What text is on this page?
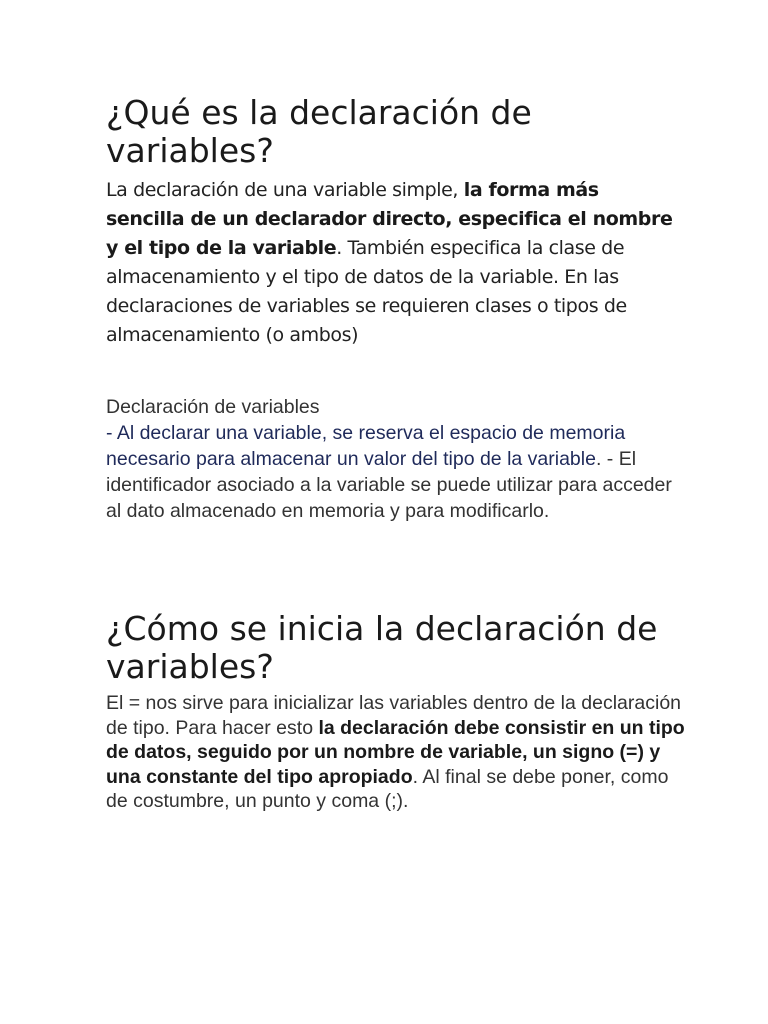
¿Qué es la declaración de variables?

La declaración de una variable simple, la forma más sencilla de un declarador directo, especifica el nombre y el tipo de la variable. También especifica la clase de almacenamiento y el tipo de datos de la variable. En las declaraciones de variables se requieren clases o tipos de almacenamiento (o ambos)

Declaración de variables

- Al declarar una variable, se reserva el espacio de memoria necesario para almacenar un valor del tipo de la variable. - El identificador asociado a la variable se puede utilizar para acceder al dato almacenado en memoria y para modificarlo.

¿Cómo se inicia la declaración de variables?

El = nos sirve para inicializar las variables dentro de la declaración de tipo. Para hacer esto la declaración debe consistir en un tipo de datos, seguido por un nombre de variable, un signo (=) y una constante del tipo apropiado. Al final se debe poner, como de costumbre, un punto y coma (;).
